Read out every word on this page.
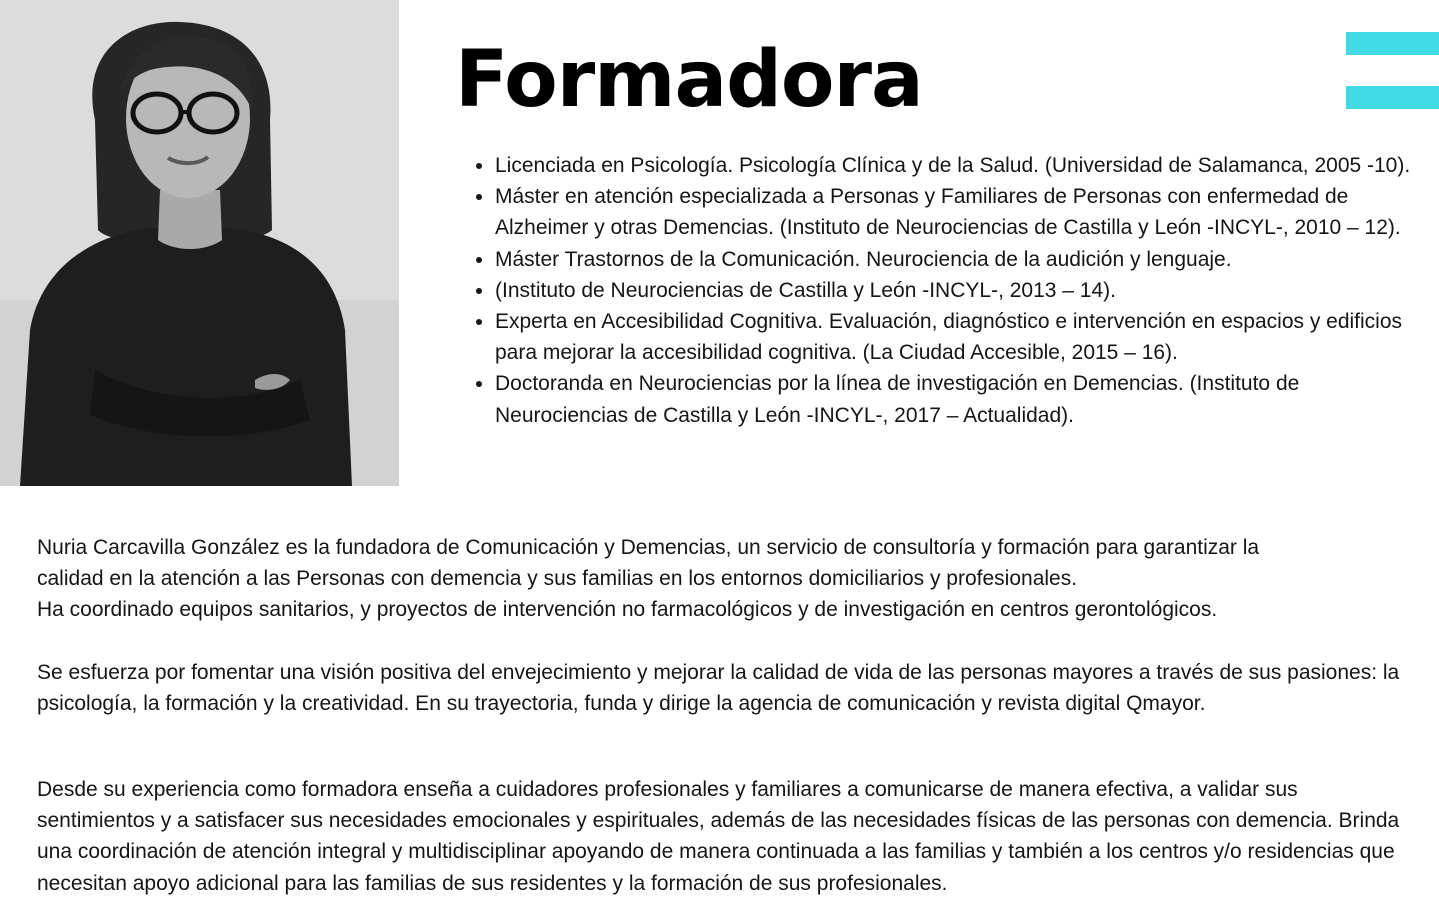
Formadora
• Licenciada en Psicología. Psicología Clínica y de la Salud. (Universidad de Salamanca, 2005 -10).
• Máster en atención especializada a Personas y Familiares de Personas con enfermedad de Alzheimer y otras Demencias. (Instituto de Neurociencias de Castilla y León -INCYL-, 2010 – 12).
• Máster Trastornos de la Comunicación. Neurociencia de la audición y lenguaje.
• (Instituto de Neurociencias de Castilla y León -INCYL-, 2013 – 14).
• Experta en Accesibilidad Cognitiva. Evaluación, diagnóstico e intervención en espacios y edificios para mejorar la accesibilidad cognitiva. (La Ciudad Accesible, 2015 – 16).
• Doctoranda en Neurociencias por la línea de investigación en Demencias. (Instituto de Neurociencias de Castilla y León -INCYL-, 2017 – Actualidad).

Nuria Carcavilla González es la fundadora de Comunicación y Demencias, un servicio de consultoría y formación para garantizar la

calidad en la atención a las Personas con demencia y sus familias en los entornos domiciliarios y profesionales.

Ha coordinado equipos sanitarios, y proyectos de intervención no farmacológicos y de investigación en centros gerontológicos.

Se esfuerza por fomentar una visión positiva del envejecimiento y mejorar la calidad de vida de las personas mayores a través de sus pasiones: la psicología, la formación y la creatividad. En su trayectoria, funda y dirige la agencia de comunicación y revista digital Qmayor.

Desde su experiencia como formadora enseña a cuidadores profesionales y familiares a comunicarse de manera efectiva, a validar sus sentimientos y a satisfacer sus necesidades emocionales y espirituales, además de las necesidades físicas de las personas con demencia. Brinda una coordinación de atención integral y multidisciplinar apoyando de manera continuada a las familias y también a los centros y/o residencias que necesitan apoyo adicional para las familias de sus residentes y la formación de sus profesionales.
